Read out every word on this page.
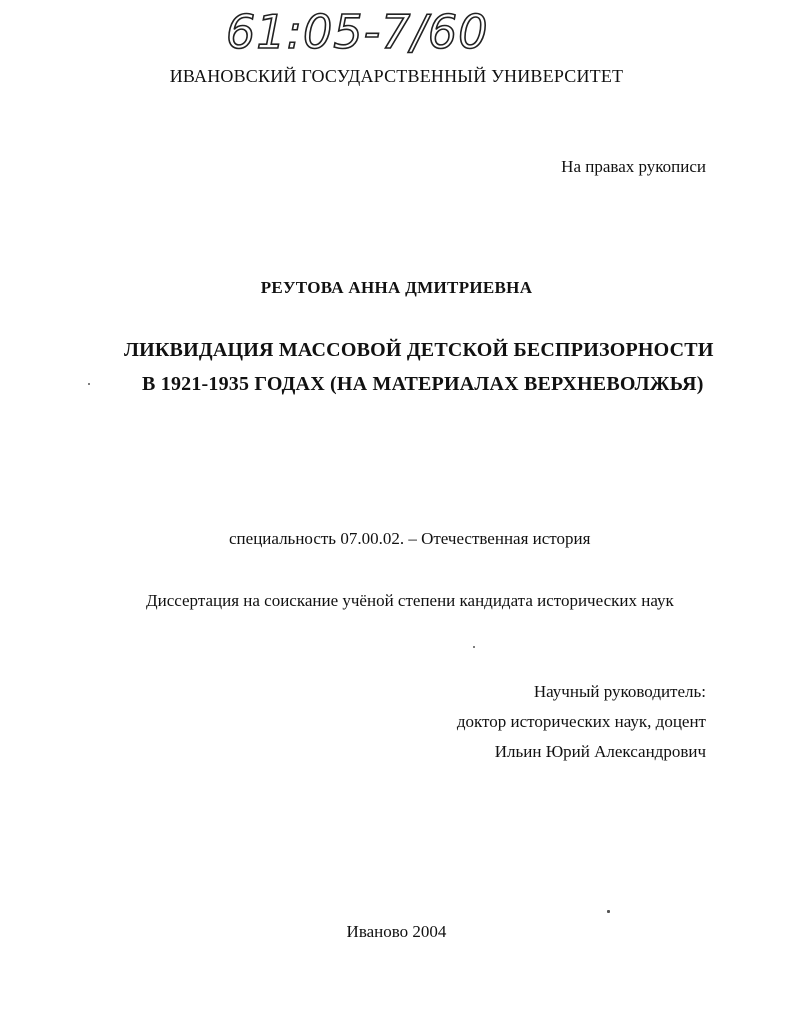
61:05-7/60
ИВАНОВСКИЙ ГОСУДАРСТВЕННЫЙ УНИВЕРСИТЕТ
На правах рукописи
РЕУТОВА АННА ДМИТРИЕВНА
ЛИКВИДАЦИЯ МАССОВОЙ ДЕТСКОЙ БЕСПРИЗОРНОСТИ
В 1921-1935 ГОДАХ (НА МАТЕРИАЛАХ ВЕРХНЕВОЛЖЬЯ)
специальность 07.00.02. – Отечественная история
Диссертация на соискание учёной степени кандидата исторических наук
Научный руководитель:
доктор исторических наук, доцент
Ильин Юрий Александрович
Иваново 2004
